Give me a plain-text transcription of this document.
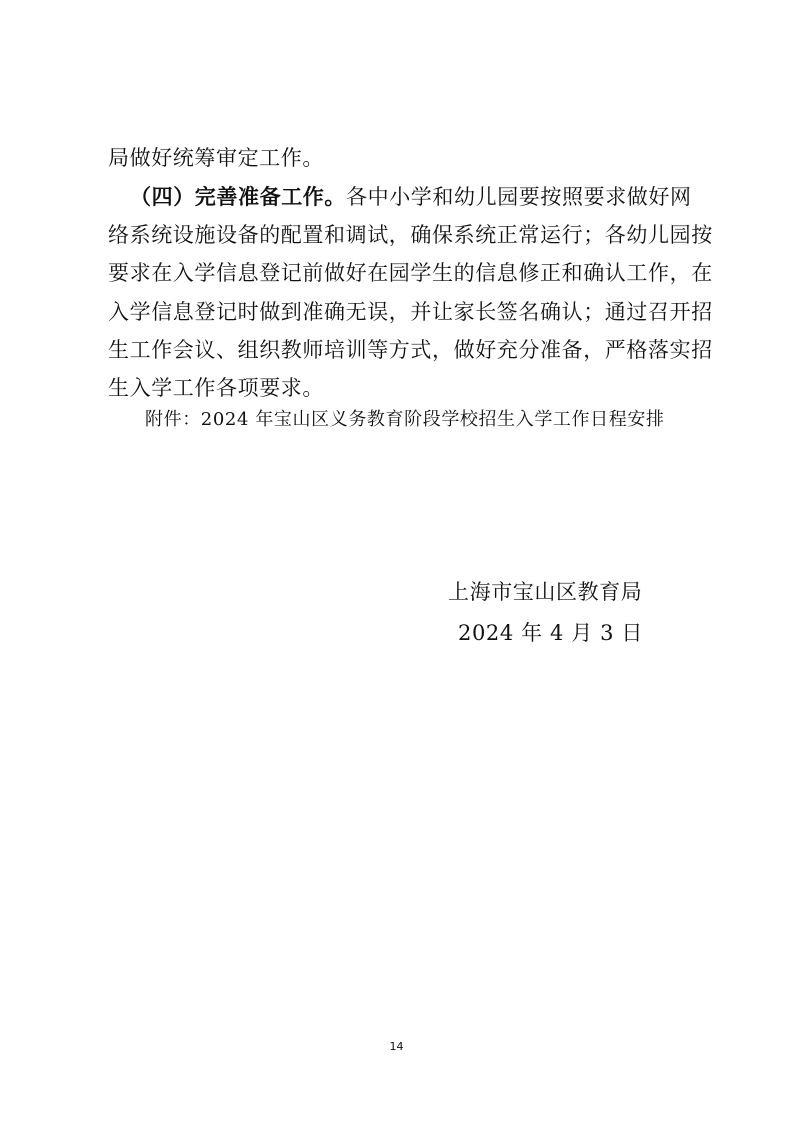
局做好统筹审定工作。
（四）完善准备工作。各中小学和幼儿园要按照要求做好网
络系统设施设备的配置和调试，确保系统正常运行；各幼儿园按
要求在入学信息登记前做好在园学生的信息修正和确认工作，在
入学信息登记时做到准确无误，并让家长签名确认；通过召开招
生工作会议、组织教师培训等方式，做好充分准备，严格落实招
生入学工作各项要求。
附件：2024 年宝山区义务教育阶段学校招生入学工作日程安排
上海市宝山区教育局
2024 年 4 月 3 日
14
